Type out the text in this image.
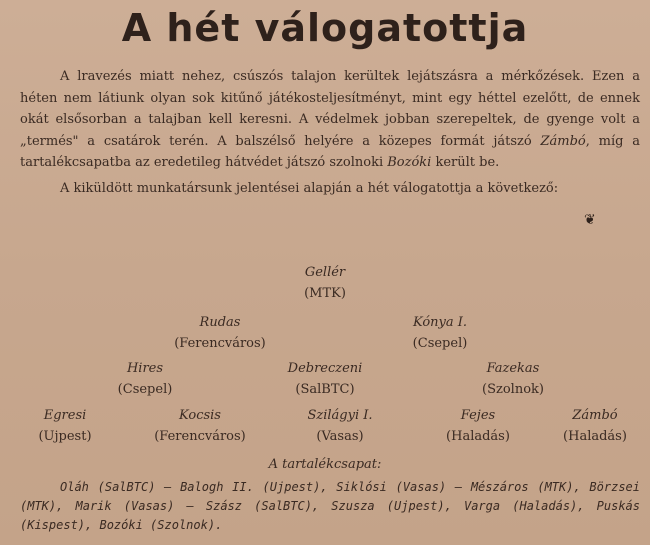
A hét válogatottja

A lravezés miatt nehez, csúszós talajon kerültek lejátszásra a mérkőzések. Ezen a héten nem látiunk olyan sok kitűnő játékosteljesítményt, mint egy héttel ezelőtt, de ennek okát elsősorban a talajban kell keresni. A védelmek jobban szerepeltek, de gyenge volt a „termés" a csatárok terén. A balszélső helyére a közepes formát játszó Zámbó, míg a tartalékcsapatba az eredetileg hátvédet játszó szolnoki Bozóki került be.

A kiküldött munkatársunk jelentései alapján a hét válogatottja a következő:

❦
Gellér
(MTK)
Rudas
(Ferencváros)
Kónya I.
(Csepel)
Hires
(Csepel)
Debreczeni
(SalBTC)
Fazekas
(Szolnok)
Egresi
(Ujpest)
Kocsis
(Ferencváros)
Szilágyi I.
(Vasas)
Fejes
(Haladás)
Zámbó
(Haladás)
A tartalékcsapat:
Oláh (SalBTC) — Balogh II. (Ujpest), Siklósi (Vasas) — Mészáros (MTK), Börzsei (MTK), Marik (Vasas) — Szász (SalBTC), Szusza (Ujpest), Varga (Haladás), Puskás (Kispest), Bozóki (Szolnok).
